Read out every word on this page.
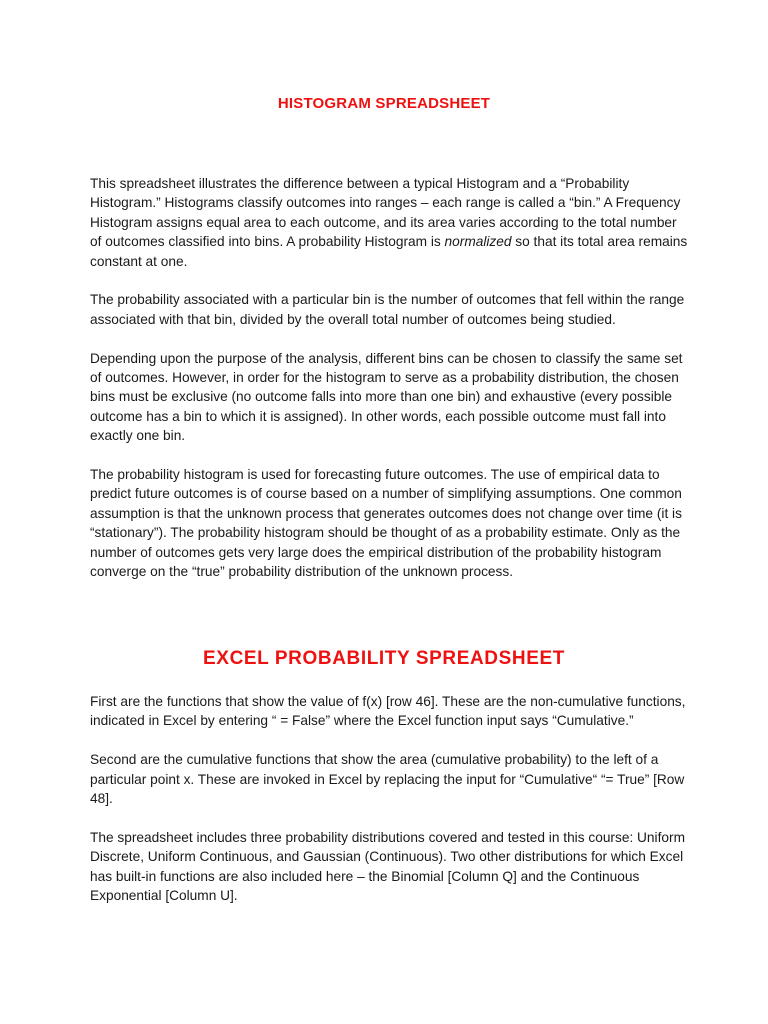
HISTOGRAM SPREADSHEET

This spreadsheet illustrates the difference between a typical Histogram and a “Probability Histogram.” Histograms classify outcomes into ranges – each range is called a “bin.” A Frequency Histogram assigns equal area to each outcome, and its area varies according to the total number of outcomes classified into bins. A probability Histogram is normalized so that its total area remains constant at one.

The probability associated with a particular bin is the number of outcomes that fell within the range associated with that bin, divided by the overall total number of outcomes being studied.

Depending upon the purpose of the analysis, different bins can be chosen to classify the same set of outcomes. However, in order for the histogram to serve as a probability distribution, the chosen bins must be exclusive (no outcome falls into more than one bin) and exhaustive (every possible outcome has a bin to which it is assigned). In other words, each possible outcome must fall into exactly one bin.

The probability histogram is used for forecasting future outcomes. The use of empirical data to predict future outcomes is of course based on a number of simplifying assumptions. One common assumption is that the unknown process that generates outcomes does not change over time (it is “stationary”). The probability histogram should be thought of as a probability estimate. Only as the number of outcomes gets very large does the empirical distribution of the probability histogram converge on the “true” probability distribution of the unknown process.

EXCEL PROBABILITY SPREADSHEET

First are the functions that show the value of f(x) [row 46]. These are the non-cumulative functions, indicated in Excel by entering “ = False” where the Excel function input says “Cumulative.”

Second are the cumulative functions that show the area (cumulative probability) to the left of a particular point x. These are invoked in Excel by replacing the input for “Cumulative“ “= True” [Row 48].

The spreadsheet includes three probability distributions covered and tested in this course: Uniform Discrete, Uniform Continuous, and Gaussian (Continuous). Two other distributions for which Excel has built-in functions are also included here – the Binomial [Column Q] and the Continuous Exponential [Column U].
